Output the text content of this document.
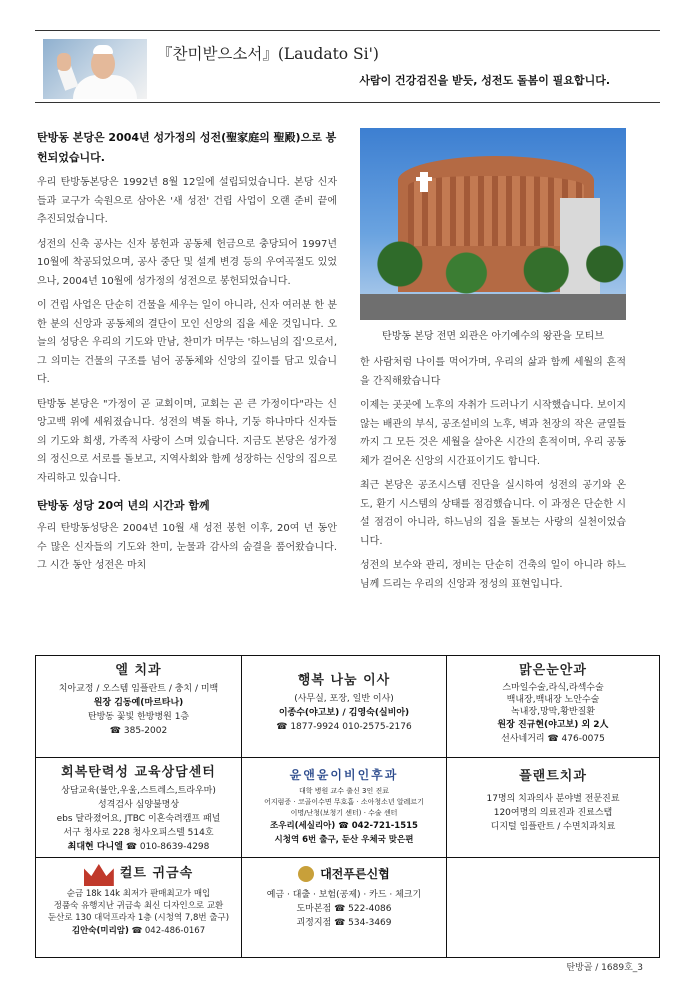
『찬미받으소서』(Laudato Si')
사람이 건강검진을 받듯, 성전도 돌봄이 필요합니다.
탄방동 본당은 2004년 성가정의 성전(聖家庭의 聖殿)으로 봉헌되었습니다.
우리 탄방동본당은 1992년 8월 12일에 설립되었습니다. 본당 신자들과 교구가 숙원으로 삼아온 '새 성전' 건립 사업이 오랜 준비 끝에 추진되었습니다.
성전의 신축 공사는 신자 봉헌과 공동체 헌금으로 충당되어 1997년 10월에 착공되었으며, 공사 중단 및 설계 변경 등의 우여곡절도 있었으나, 2004년 10월에 성가정의 성전으로 봉헌되었습니다.
이 건립 사업은 단순히 건물을 세우는 일이 아니라, 신자 여러분 한 분 한 분의 신앙과 공동체의 결단이 모인 신앙의 집을 세운 것입니다. 오늘의 성당은 우리의 기도와 만남, 찬미가 머무는 '하느님의 집'으로서, 그 의미는 건물의 구조를 넘어 공동체와 신앙의 깊이를 담고 있습니다.
탄방동 본당은 "가정이 곧 교회이며, 교회는 곧 큰 가정이다"라는 신앙고백 위에 세워졌습니다. 성전의 벽돌 하나, 기둥 하나마다 신자들의 기도와 희생, 가족적 사랑이 스며 있습니다. 지금도 본당은 성가정의 정신으로 서로를 돌보고, 지역사회와 함께 성장하는 신앙의 집으로 자리하고 있습니다.
탄방동 성당 20여 년의 시간과 함께
우리 탄방동성당은 2004년 10월 새 성전 봉헌 이후, 20여 년 동안 수 많은 신자들의 기도와 찬미, 눈물과 감사의 숨결을 품어왔습니다. 그 시간 동안 성전은 마치
탄방동 본당 전면 외관은 아기예수의 왕관을 모티브
한 사람처럼 나이를 먹어가며, 우리의 삶과 함께 세월의 흔적을 간직해왔습니다
이제는 곳곳에 노후의 자취가 드러나기 시작했습니다. 보이지 않는 배관의 부식, 공조설비의 노후, 벽과 천장의 작은 균열들까지 그 모든 것은 세월을 살아온 시간의 흔적이며, 우리 공동체가 걸어온 신앙의 시간표이기도 합니다.
최근 본당은 공조시스템 진단을 실시하여 성전의 공기와 온도, 환기 시스템의 상태를 점검했습니다. 이 과정은 단순한 시설 점검이 아니라, 하느님의 집을 돌보는 사랑의 실천이었습니다.
성전의 보수와 관리, 정비는 단순히 건축의 일이 아니라 하느님께 드리는 우리의 신앙과 정성의 표현입니다.
엘 치과
치아교정 / 오스템 임플란트 / 충치 / 미백
원장 김동예(마르타나)
탄방동 꽃빛 한방병원 1층
☎ 385-2002
행복 나눔 이사
(사무실, 포장, 일반 이사)
이종수(야고보) / 김영숙(실비아)
☎ 1877-9924 010-2575-2176
맑은눈안과
스마일수술,라식,라섹수술
백내장,백내장 노안수술
녹내장,망막,황반질환
원장 진규현(야고보) 외 2人
선사네거리 ☎ 476-0075
회복탄력성 교육상담센터
상담교육(불안,우울,스트레스,트라우마)
성격검사 심양불명상
ebs 달라졌어요, JTBC 이혼숙려캠프 패널
서구 청사로 228 청사오피스텔 514호
최대현 다니엘 ☎ 010-8639-4298
윤앤윤이비인후과
대학 병원 교수 출신 3인 진료
어지럼증 · 코골이수면 무호흡 · 소아청소년 알레르기
이명/난청(보청기 센터) · 수술 센터
조우리(세실리아) ☎ 042-721-1515
시청역 6번 출구, 둔산 우체국 맞은편
플랜트치과
17명의 치과의사 분야별 전문진료
120여명의 의료진과 진료스탭
디지털 임플란트 / 수면치과치료
컬트 귀금속
순금 18k 14k 최저가 판매최고가 매입
정품숙 유행지난 귀금속 최신 디자인으로 교환
둔산로 130 대덕프라자 1층 (시청역 7,8번 출구)
김안숙(미리암) ☎ 042-486-0167
대전푸른신협
예금 · 대출 · 보험(공제) · 카드 · 체크기
도마본점 ☎ 522-4086
괴정지점 ☎ 534-3469
탄방골 / 1689호_3
